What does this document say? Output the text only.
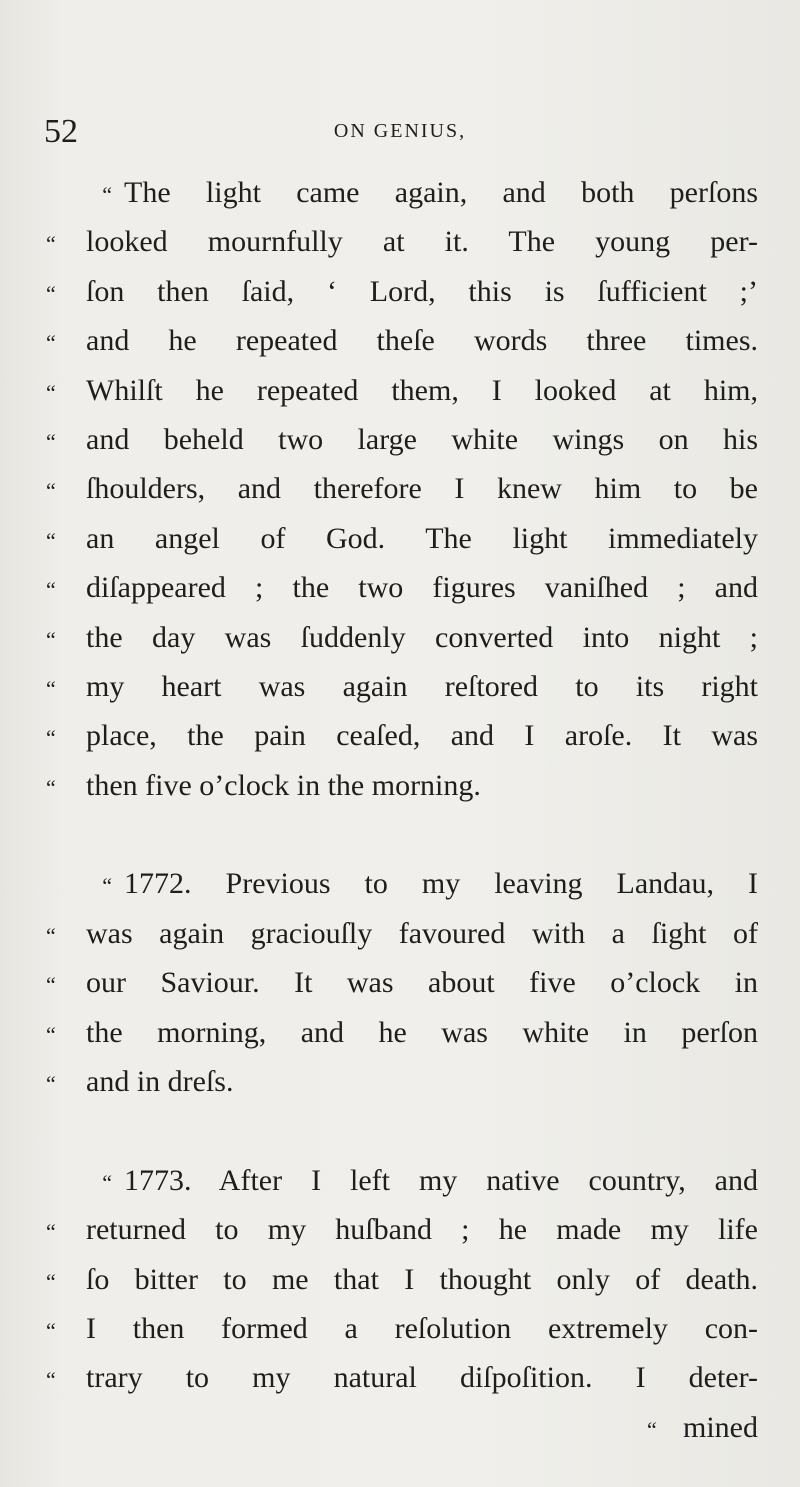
52	ON GENIUS,
“ The light came again, and both perſons
“	looked mournfully at it. The young per-
“	ſon then ſaid, ‘ Lord, this is ſufficient ;’
“	and he repeated theſe words three times.
“	Whilſt he repeated them, I looked at him,
“	and beheld two large white wings on his
“	ſhoulders, and therefore I knew him to be
“	an angel of God. The light immediately
“	diſappeared ; the two figures vaniſhed ; and
“	the day was ſuddenly converted into night ;
“	my heart was again reſtored to its right
“	place, the pain ceaſed, and I aroſe. It was
“	then five o’clock in the morning.
“ 1772. Previous to my leaving Landau, I
“	was again graciouſly favoured with a ſight of
“	our Saviour. It was about five o’clock in
“	the morning, and he was white in perſon
“	and in dreſs.
“ 1773. After I left my native country, and
“	returned to my huſband ; he made my life
“	ſo bitter to me that I thought only of death.
“	I then formed a reſolution extremely con-
“	trary to my natural diſpoſition. I deter-
“ mined
